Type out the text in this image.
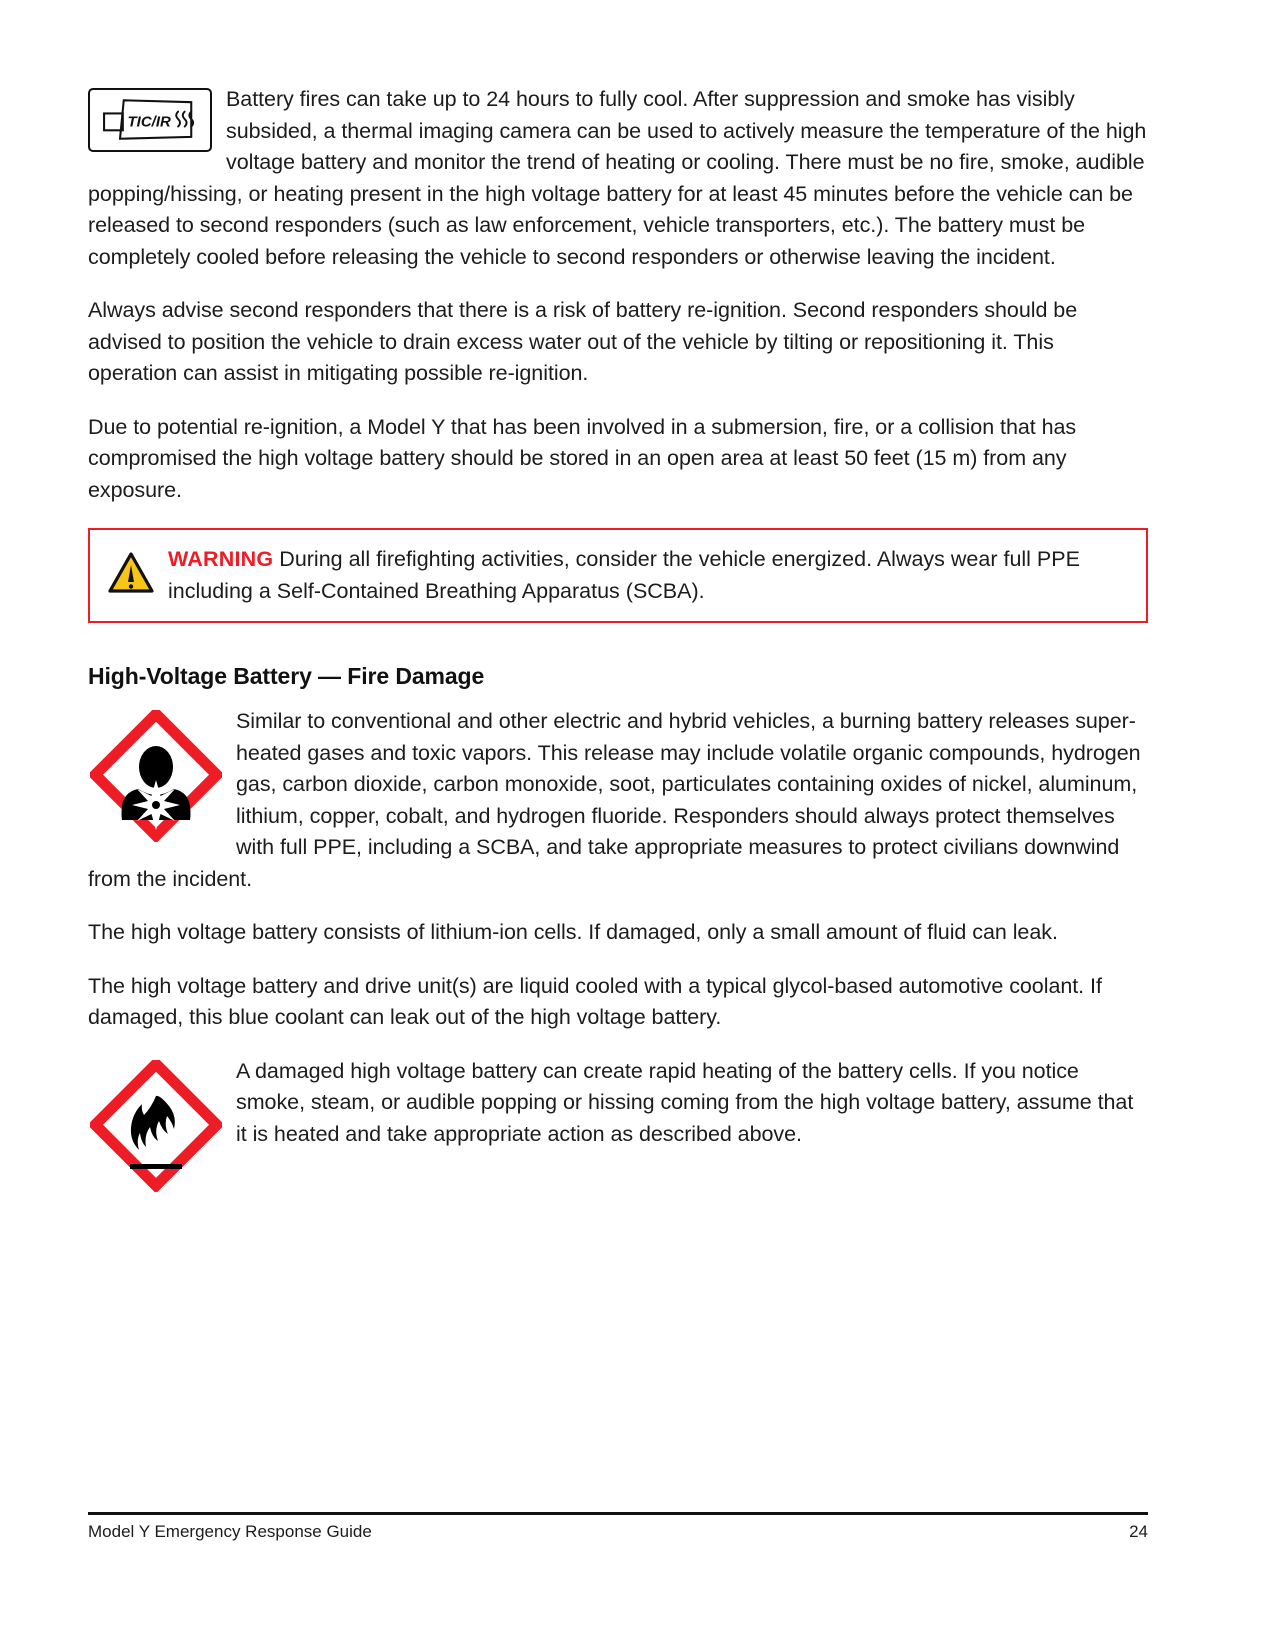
TIC/IR

Battery fires can take up to 24 hours to fully cool. After suppression and smoke has visibly subsided, a thermal imaging camera can be used to actively measure the temperature of the high voltage battery and monitor the trend of heating or cooling. There must be no fire, smoke, audible popping/hissing, or heating present in the high voltage battery for at least 45 minutes before the vehicle can be released to second responders (such as law enforcement, vehicle transporters, etc.). The battery must be completely cooled before releasing the vehicle to second responders or otherwise leaving the incident.

Always advise second responders that there is a risk of battery re-ignition. Second responders should be advised to position the vehicle to drain excess water out of the vehicle by tilting or repositioning it. This operation can assist in mitigating possible re-ignition.

Due to potential re-ignition, a Model Y that has been involved in a submersion, fire, or a collision that has compromised the high voltage battery should be stored in an open area at least 50 feet (15 m) from any exposure.

WARNING During all firefighting activities, consider the vehicle energized. Always wear full PPE including a Self-Contained Breathing Apparatus (SCBA).
High-Voltage Battery — Fire Damage

Similar to conventional and other electric and hybrid vehicles, a burning battery releases super-heated gases and toxic vapors. This release may include volatile organic compounds, hydrogen gas, carbon dioxide, carbon monoxide, soot, particulates containing oxides of nickel, aluminum, lithium, copper, cobalt, and hydrogen fluoride. Responders should always protect themselves with full PPE, including a SCBA, and take appropriate measures to protect civilians downwind from the incident.

The high voltage battery consists of lithium-ion cells. If damaged, only a small amount of fluid can leak.

The high voltage battery and drive unit(s) are liquid cooled with a typical glycol-based automotive coolant. If damaged, this blue coolant can leak out of the high voltage battery.

A damaged high voltage battery can create rapid heating of the battery cells. If you notice smoke, steam, or audible popping or hissing coming from the high voltage battery, assume that it is heated and take appropriate action as described above.

Model Y Emergency Response Guide	24
